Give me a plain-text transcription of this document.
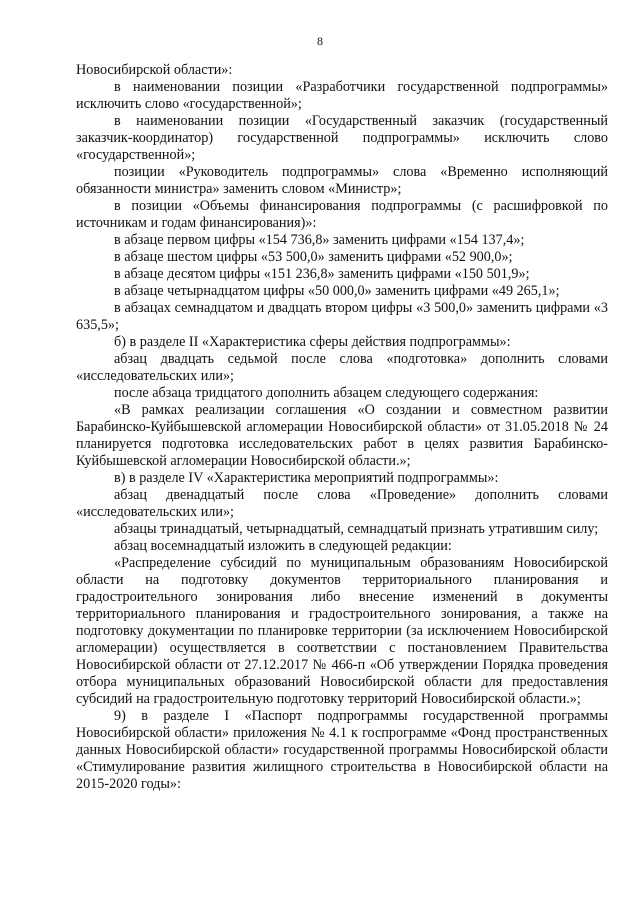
8

Новосибирской области»:

в наименовании позиции «Разработчики государственной подпрограммы» исключить слово «государственной»;

в наименовании позиции «Государственный заказчик (государственный заказчик-координатор) государственной подпрограммы» исключить слово «государственной»;

позиции «Руководитель подпрограммы» слова «Временно исполняющий обязанности министра» заменить словом «Министр»;

в позиции «Объемы финансирования подпрограммы (с расшифровкой по источникам и годам финансирования)»:

в абзаце первом цифры «154 736,8» заменить цифрами «154 137,4»;

в абзаце шестом цифры «53 500,0» заменить цифрами «52 900,0»;

в абзаце десятом цифры «151 236,8» заменить цифрами «150 501,9»;

в абзаце четырнадцатом цифры «50 000,0» заменить цифрами «49 265,1»;

в абзацах семнадцатом и двадцать втором цифры «3 500,0» заменить цифрами «3 635,5»;

б) в разделе II «Характеристика сферы действия подпрограммы»:

абзац двадцать седьмой после слова «подготовка» дополнить словами «исследовательских или»;

после абзаца тридцатого дополнить абзацем следующего содержания:

«В рамках реализации соглашения «О создании и совместном развитии Барабинско-Куйбышевской агломерации Новосибирской области» от 31.05.2018 № 24 планируется подготовка исследовательских работ в целях развития Барабинско-Куйбышевской агломерации Новосибирской области.»;

в) в разделе IV «Характеристика мероприятий подпрограммы»:

абзац двенадцатый после слова «Проведение» дополнить словами «исследовательских или»;

абзацы тринадцатый, четырнадцатый, семнадцатый признать утратившим силу;

абзац восемнадцатый изложить в следующей редакции:

«Распределение субсидий по муниципальным образованиям Новосибирской области на подготовку документов территориального планирования и градостроительного зонирования либо внесение изменений в документы территориального планирования и градостроительного зонирования, а также на подготовку документации по планировке территории (за исключением Новосибирской агломерации) осуществляется в соответствии с постановлением Правительства Новосибирской области от 27.12.2017 № 466-п «Об утверждении Порядка проведения отбора муниципальных образований Новосибирской области для предоставления субсидий на градостроительную подготовку территорий Новосибирской области.»;

9) в разделе I «Паспорт подпрограммы государственной программы Новосибирской области» приложения № 4.1 к госпрограмме «Фонд пространственных данных Новосибирской области» государственной программы Новосибирской области «Стимулирование развития жилищного строительства в Новосибирской области на 2015-2020 годы»:
